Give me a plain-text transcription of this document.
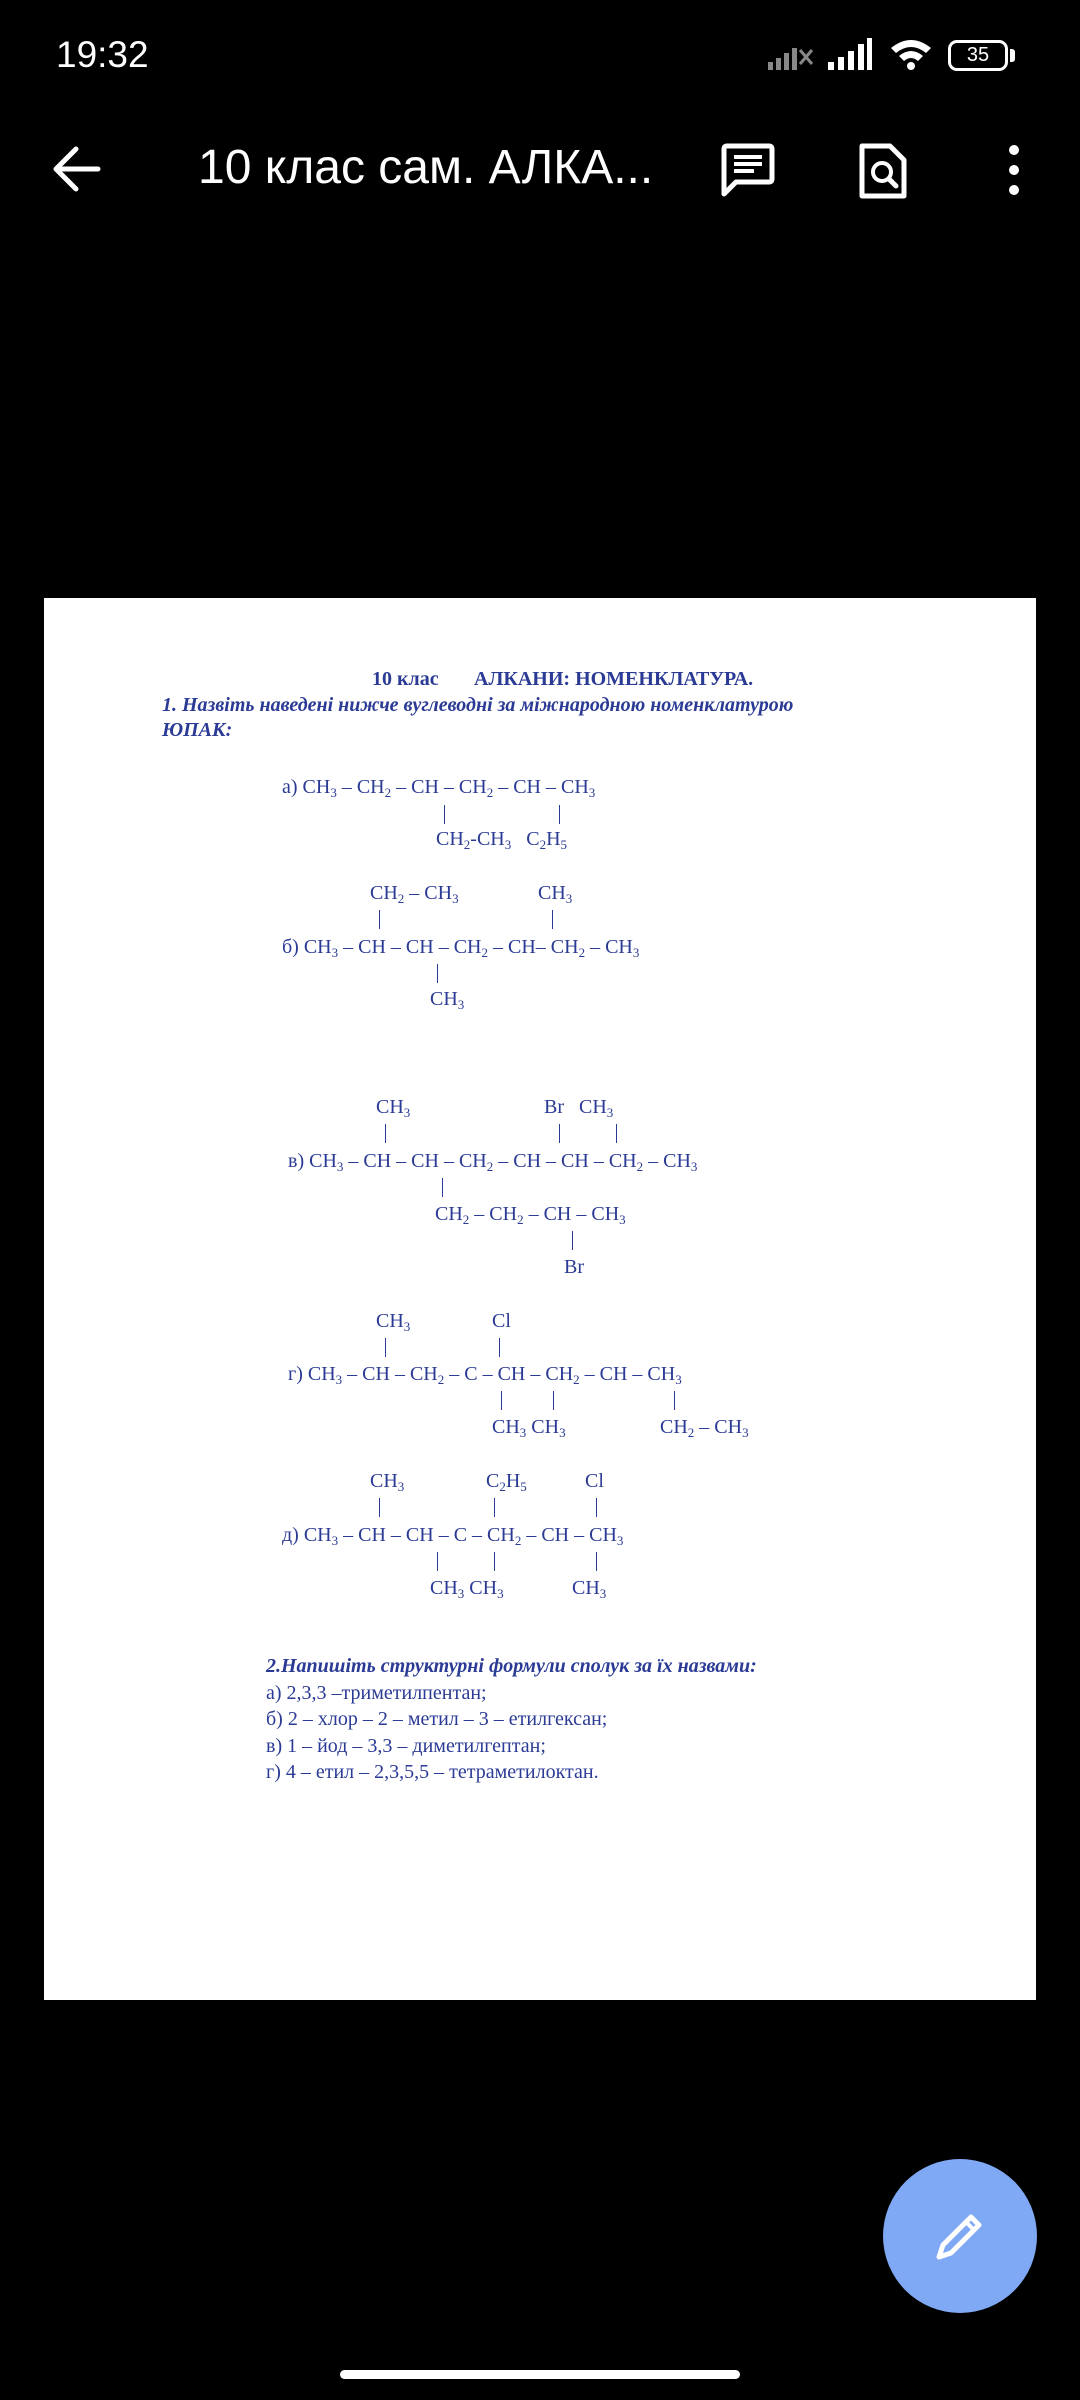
19:32	35
10 клас сам. АЛКА...
10 клас АЛКАНИ: НОМЕНКЛАТУРА.
1. Назвіть наведені нижче вуглеводні за міжнародною номенклатурою
ЮПАК:
а) $CH_3 - CH_2$ – CH – $CH_2$ – CH – $CH_3$
$CH_2-CH_3$   $C_2H_5$
$CH_2 - CH_3$	$CH_3$
б) $CH_3$ – CH – CH – $CH_2 - CH-$ $CH_2 - CH_3$
$CH_3$
$CH_3$	Br   $CH_3$
в) $CH_3$ – CH – CH – $CH_2$ – CH – CH – $CH_2 - CH_3$
$CH_2 - CH_2$ – CH – $CH_3$
Br
$CH_3$	Cl
г) $CH_3$ – CH – $CH_2$ – C – CH – $CH_2$ – CH – $CH_3$
$CH_3$ $CH_3$	$CH_2 - CH_3$
$CH_3$	$C_2H_5$	Cl
д) $CH_3$ – CH – CH – C – $CH_2$ – CH – $CH_3$
$CH_3$ $CH_3$	$CH_3$
2.Напишіть структурні формули сполук за їх назвами:
а) 2,3,3 –триметилпентан;
б) 2 – хлор – 2 – метил – 3 – етилгексан;
в) 1 – йод – 3,3 – диметилгептан;
г) 4 – етил – 2,3,5,5 – тетраметилоктан.
